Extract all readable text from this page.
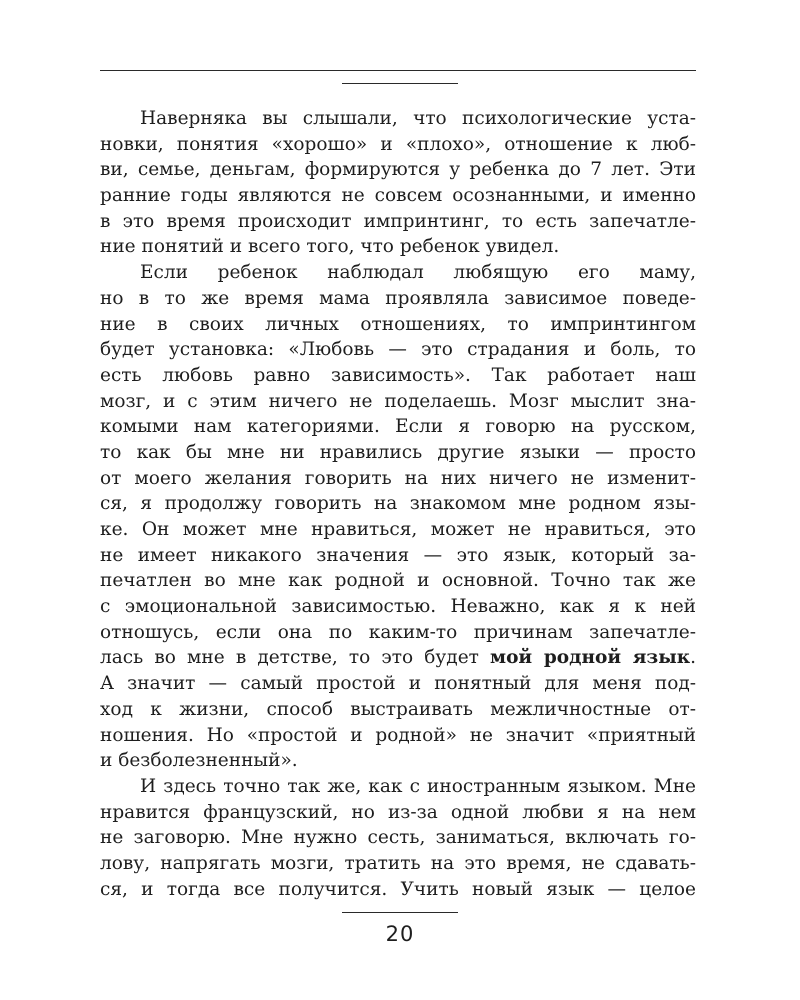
Наверняка вы слышали, что психологические уста-
новки, понятия «хорошо» и «плохо», отношение к люб-
ви, семье, деньгам, формируются у ребенка до 7 лет. Эти
ранние годы являются не совсем осознанными, и именно
в это время происходит импринтинг, то есть запечатле-
ние понятий и всего того, что ребенок увидел.
Если ребенок наблюдал любящую его маму,
но в то же время мама проявляла зависимое поведе-
ние в своих личных отношениях, то импринтингом
будет установка: «Любовь — это страдания и боль, то
есть любовь равно зависимость». Так работает наш
мозг, и с этим ничего не поделаешь. Мозг мыслит зна-
комыми нам категориями. Если я говорю на русском,
то как бы мне ни нравились другие языки — просто
от моего желания говорить на них ничего не изменит-
ся, я продолжу говорить на знакомом мне родном язы-
ке. Он может мне нравиться, может не нравиться, это
не имеет никакого значения — это язык, который за-
печатлен во мне как родной и основной. Точно так же
с эмоциональной зависимостью. Неважно, как я к ней
отношусь, если она по каким-то причинам запечатле-
лась во мне в детстве, то это будет мой родной язык.
А значит — самый простой и понятный для меня под-
ход к жизни, способ выстраивать межличностные от-
ношения. Но «простой и родной» не значит «приятный
и безболезненный».
И здесь точно так же, как с иностранным языком. Мне
нравится французский, но из-за одной любви я на нем
не заговорю. Мне нужно сесть, заниматься, включать го-
лову, напрягать мозги, тратить на это время, не сдавать-
ся, и тогда все получится. Учить новый язык — целое
20
